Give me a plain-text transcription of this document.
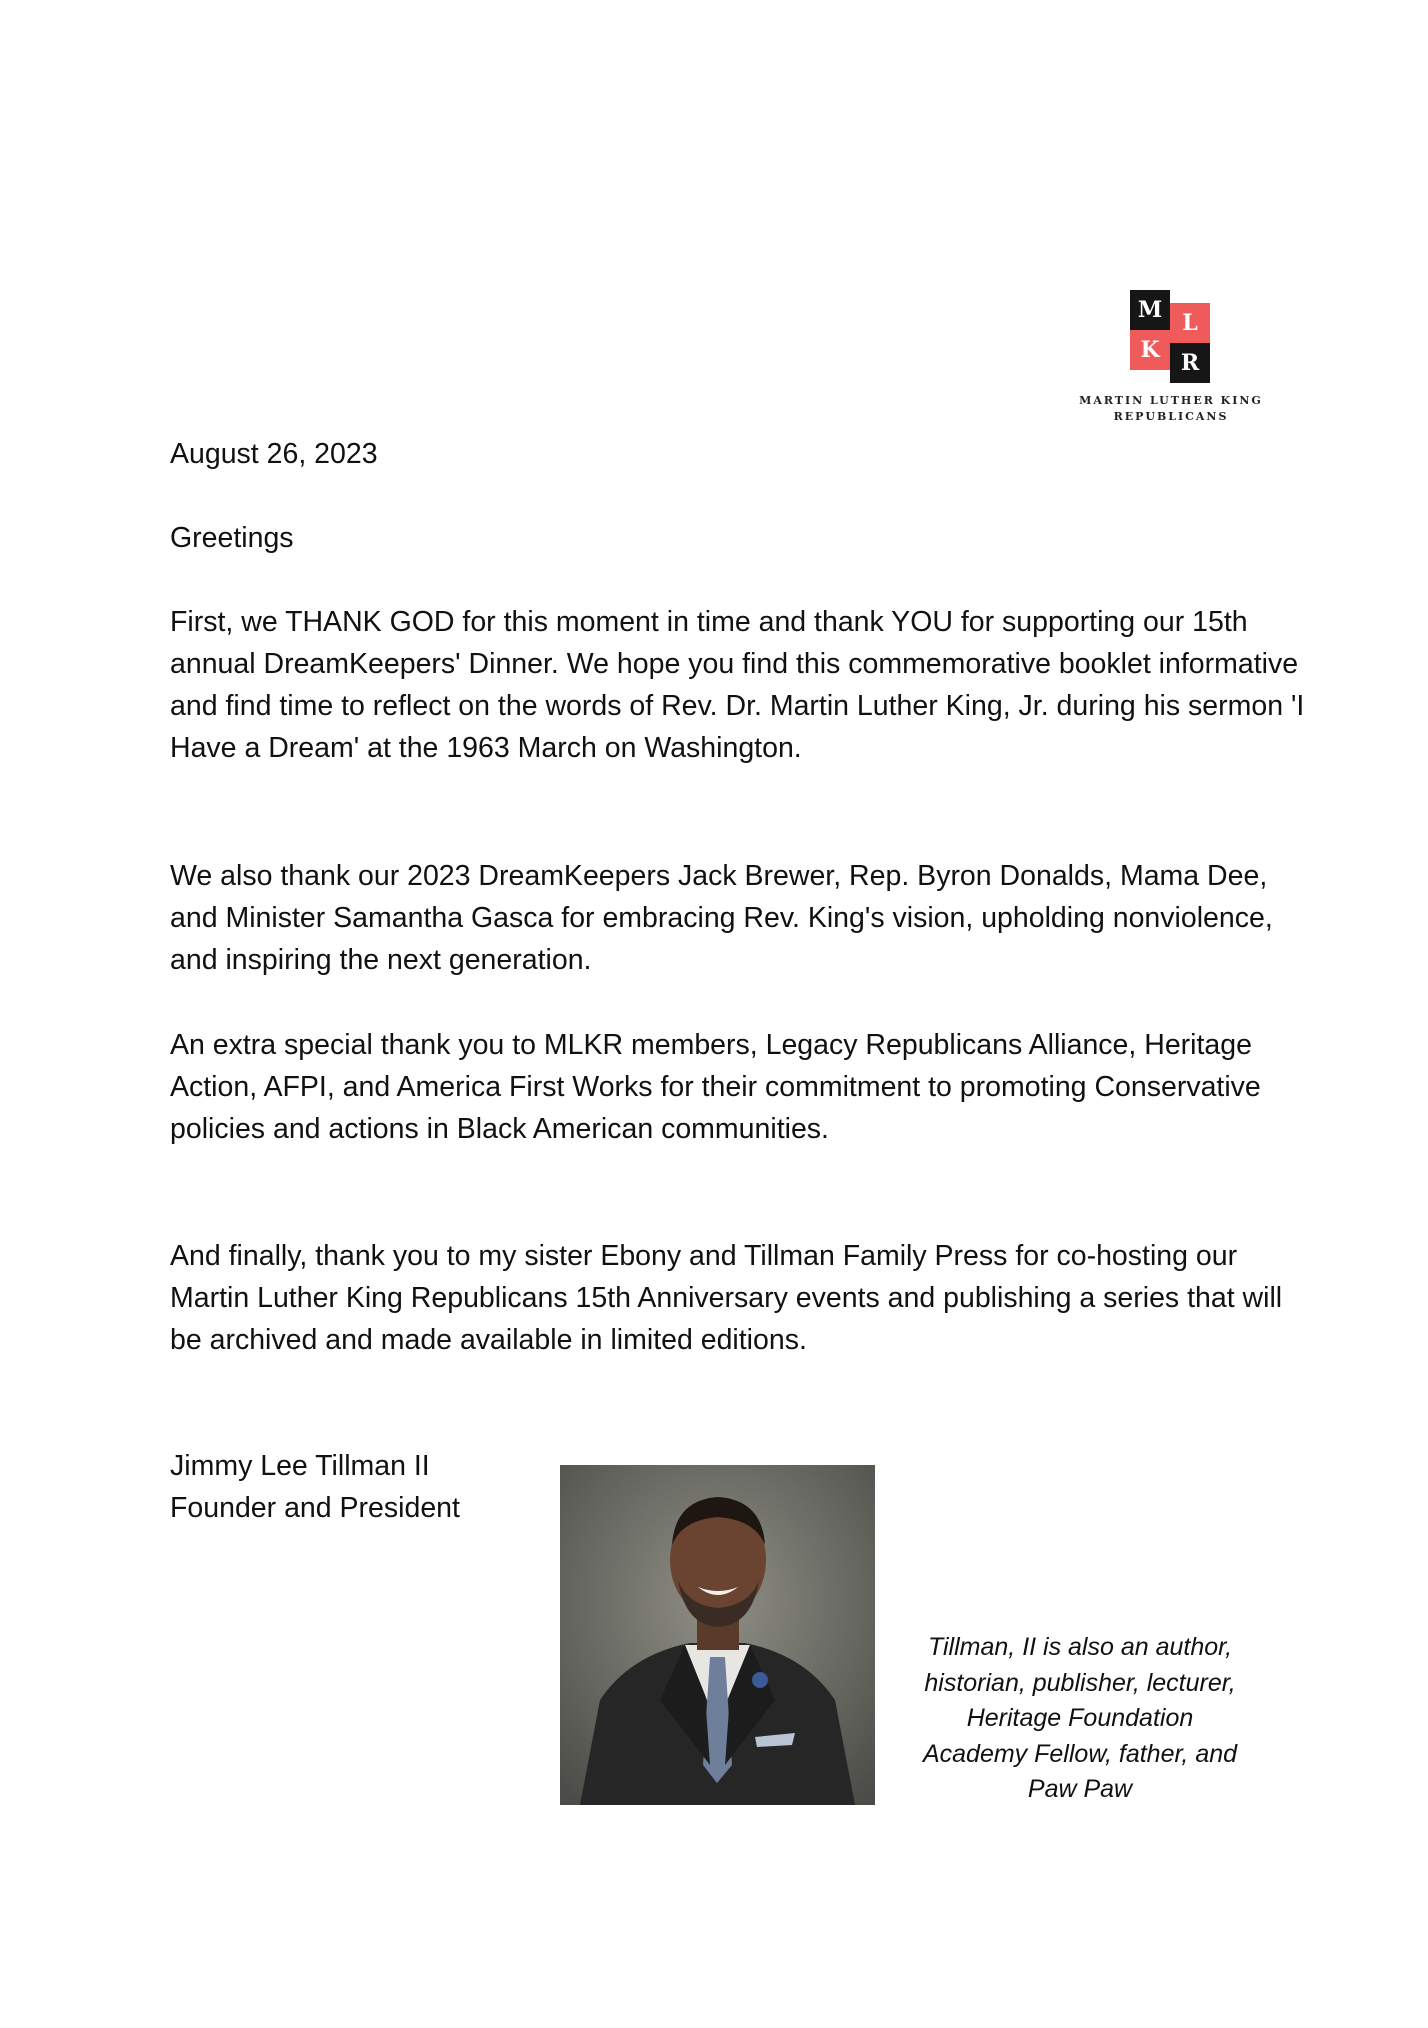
M L
K R
MARTIN LUTHER KING
REPUBLICANS

August 26, 2023

Greetings

First, we THANK GOD for this moment in time and thank YOU for supporting our 15th annual DreamKeepers' Dinner. We hope you find this commemorative booklet informative and find time to reflect on the words of Rev. Dr. Martin Luther King, Jr. during his sermon 'I Have a Dream' at the 1963 March on Washington.

We also thank our 2023 DreamKeepers Jack Brewer, Rep. Byron Donalds, Mama Dee, and Minister Samantha Gasca for embracing Rev. King's vision, upholding nonviolence, and inspiring the next generation.

An extra special thank you to MLKR members, Legacy Republicans Alliance, Heritage Action, AFPI, and America First Works for their commitment to promoting Conservative policies and actions in Black American communities.

And finally, thank you to my sister Ebony and Tillman Family Press for co-hosting our Martin Luther King Republicans 15th Anniversary events and publishing a series that will be archived and made available in limited editions.

Jimmy Lee Tillman II

Founder and President

Tillman, II is also an author,
historian, publisher, lecturer,
Heritage Foundation
Academy Fellow, father, and
Paw Paw
